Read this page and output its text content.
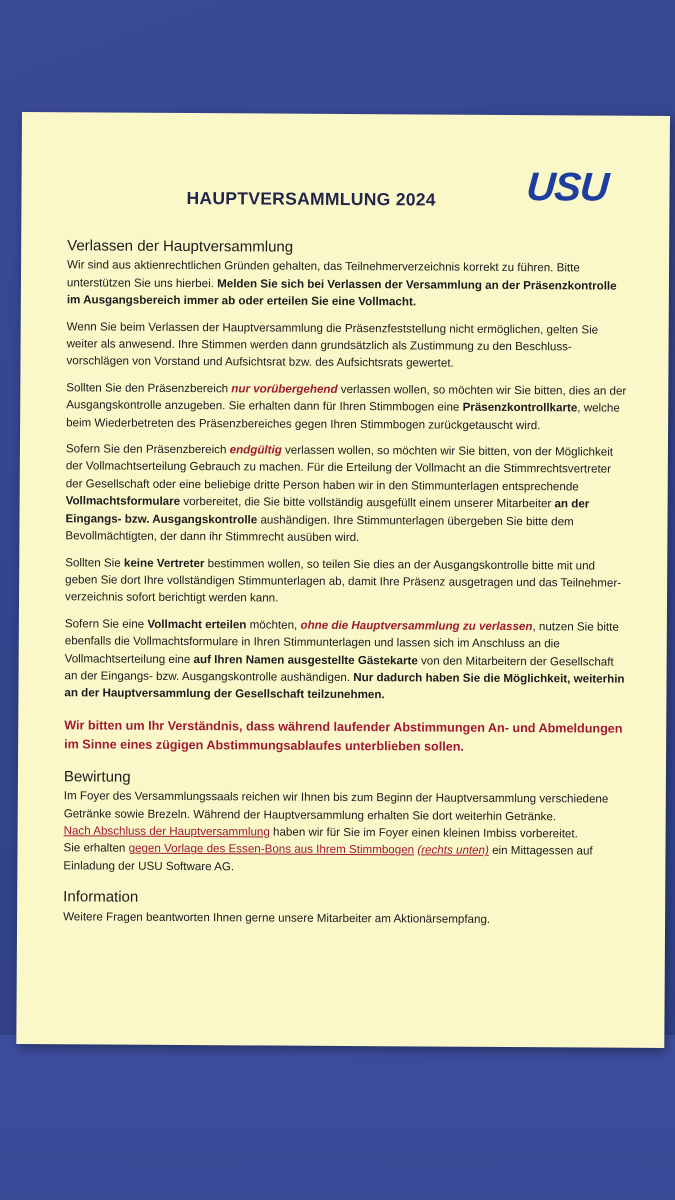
HAUPTVERSAMMLUNG 2024 USU
Verlassen der Hauptversammlung

Wir sind aus aktienrechtlichen Gründen gehalten, das Teilnehmerverzeichnis korrekt zu führen. Bitte unterstützen Sie uns hierbei. Melden Sie sich bei Verlassen der Versammlung an der Präsenzkontrolle im Ausgangsbereich immer ab oder erteilen Sie eine Vollmacht.

Wenn Sie beim Verlassen der Hauptversammlung die Präsenzfeststellung nicht ermöglichen, gelten Sie weiter als anwesend. Ihre Stimmen werden dann grundsätzlich als Zustimmung zu den Beschlussvorschlägen von Vorstand und Aufsichtsrat bzw. des Aufsichtsrats gewertet.

Sollten Sie den Präsenzbereich nur vorübergehend verlassen wollen, so möchten wir Sie bitten, dies an der Ausgangskontrolle anzugeben. Sie erhalten dann für Ihren Stimmbogen eine Präsenzkontrollkarte, welche beim Wiederbetreten des Präsenzbereiches gegen Ihren Stimmbogen zurückgetauscht wird.

Sofern Sie den Präsenzbereich endgültig verlassen wollen, so möchten wir Sie bitten, von der Möglichkeit der Vollmachtserteilung Gebrauch zu machen. Für die Erteilung der Vollmacht an die Stimmrechtsvertreter der Gesellschaft oder eine beliebige dritte Person haben wir in den Stimmunterlagen entsprechende Vollmachtsformulare vorbereitet, die Sie bitte vollständig ausgefüllt einem unserer Mitarbeiter an der Eingangs- bzw. Ausgangskontrolle aushändigen. Ihre Stimmunterlagen übergeben Sie bitte dem Bevollmächtigten, der dann ihr Stimmrecht ausüben wird.

Sollten Sie keine Vertreter bestimmen wollen, so teilen Sie dies an der Ausgangskontrolle bitte mit und geben Sie dort Ihre vollständigen Stimmunterlagen ab, damit Ihre Präsenz ausgetragen und das Teilnehmerverzeichnis sofort berichtigt werden kann.

Sofern Sie eine Vollmacht erteilen möchten, ohne die Hauptversammlung zu verlassen, nutzen Sie bitte ebenfalls die Vollmachtsformulare in Ihren Stimmunterlagen und lassen sich im Anschluss an die Vollmachtserteilung eine auf Ihren Namen ausgestellte Gästekarte von den Mitarbeitern der Gesellschaft an der Eingangs- bzw. Ausgangskontrolle aushändigen. Nur dadurch haben Sie die Möglichkeit, weiterhin an der Hauptversammlung der Gesellschaft teilzunehmen.

Wir bitten um Ihr Verständnis, dass während laufender Abstimmungen An- und Abmeldungen im Sinne eines zügigen Abstimmungsablaufes unterblieben sollen.

Bewirtung

Im Foyer des Versammlungssaals reichen wir Ihnen bis zum Beginn der Hauptversammlung verschiedene Getränke sowie Brezeln. Während der Hauptversammlung erhalten Sie dort weiterhin Getränke.

Nach Abschluss der Hauptversammlung haben wir für Sie im Foyer einen kleinen Imbiss vorbereitet.

Sie erhalten gegen Vorlage des Essen-Bons aus Ihrem Stimmbogen (rechts unten) ein Mittagessen auf Einladung der USU Software AG.

Information

Weitere Fragen beantworten Ihnen gerne unsere Mitarbeiter am Aktionärsempfang.
